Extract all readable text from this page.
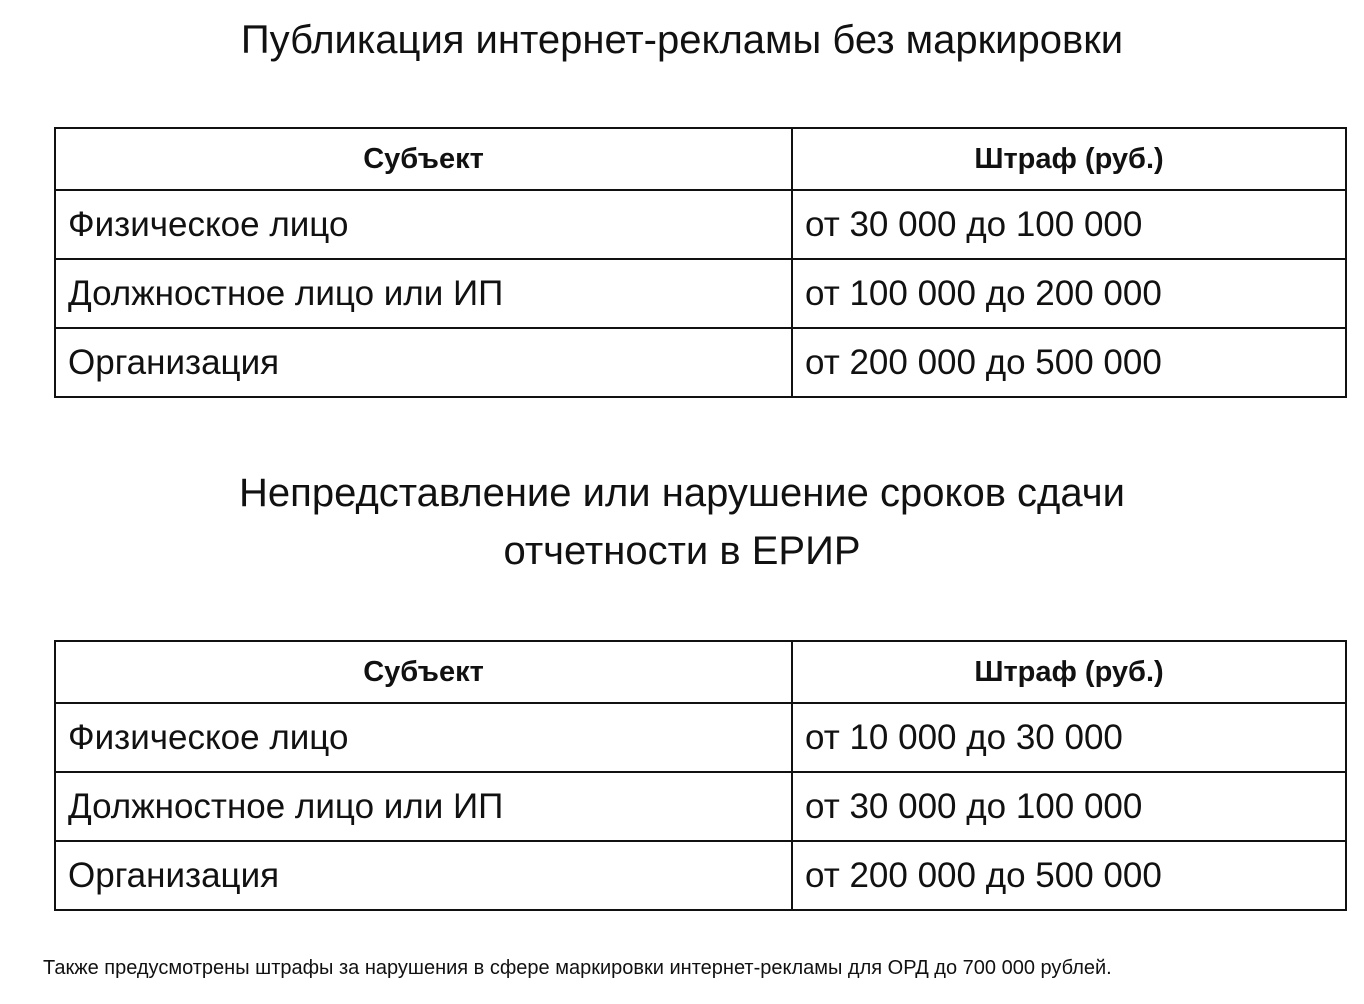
Публикация интернет-рекламы без маркировки
Субъект	Штраф (руб.)
Физическое лицо	от 30 000 до 100 000
Должностное лицо или ИП	от 100 000 до 200 000
Организация	от 200 000 до 500 000
Непредставление или нарушение сроков сдачи
отчетности в ЕРИР
Субъект	Штраф (руб.)
Физическое лицо	от 10 000 до 30 000
Должностное лицо или ИП	от 30 000 до 100 000
Организация	от 200 000 до 500 000

Также предусмотрены штрафы за нарушения в сфере маркировки интернет-рекламы для ОРД до 700 000 рублей.
